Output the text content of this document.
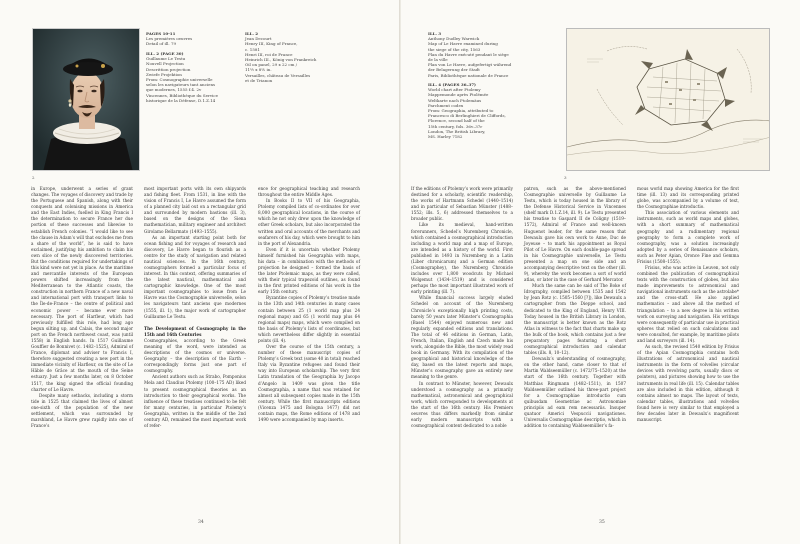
2
PAGES 10-11
Les premières oeuvres
Detail of ill. 79
ILL. 2 (PAGE 30)
Guillaume Le Testu
Nouvell Projection
Descrittion projection
Zwiefe Projektion
From: Cosmographie universelle
selon les navigateurs tant anciens
que modernes, 1555 f.4. 2v
Vincennes, Bibliothèque du Service
historique de la Défense, D.1.Z.14
ILL. 2
Jean Decourt
Henry III, King of France,
c. 1581
Henri III, roi de France
Heinrich III., König von Frankreich
Oil on panel, 29 x 22 cm /
11½ x 8⅝ in.
Versailles, château de Versailles
et de Trianon

in Europe, underwent a series of grant changes. The voyages of discovery and trade by the Portuguese and Spanish, along with their conquests and colonising missions in America and the East Indies, fuelled in King Francis I the determination to secure France her due portion of these successes and likewise to establish French colonies. “I would like to see the clause in Adam’s will that excludes me from a share of the world”, he is said to have exclaimed, justifying his ambition to claim his own slice of the newly discovered territories. But the conditions required for undertakings of this kind were not yet in place. As the maritime and mercantile interests of the European powers shifted increasingly from the Mediterranean to the Atlantic coasts, the construction in northern France of a new naval and international port with transport links to the Île-de-France – the centre of political and economic power – became ever more necessary. The port of Harfleur, which had previously fulfilled this role, had long ago begun silting up, and Calais, the second major port on the French northwest coast, was (until 1558) in English hands. In 1517 Guillaume Gouffier de Bonnivet (c. 1482–1525), Admiral of France, diplomat and adviser to Francis I, therefore suggested creating a new port in the immediate vicinity of Harfleur, on the site of Le Hâble de Grâce at the mouth of the Seine estuary. Just a few months later, on 8 October 1517, the king signed the official founding charter of Le Havre.

Despite many setbacks, including a storm tide in 1525 that claimed the lives of almost one-sixth of the population of the new settlement, which was surrounded by marshland, Le Havre grew rapidly into one of France’s

most important ports with its own shipyards and fishing fleet. From 1531, in line with the vision of Francis I, Le Havre assumed the form of a planned city laid out on a rectangular grid and surrounded by modern bastions (ill. 3), based on the designs of the Siena mathematician, military engineer and architect Girolamo Bellarmato (1493–1555).

As an important starting point both for ocean fishing and for voyages of research and discovery, Le Havre began to flourish as a centre for the study of navigation and related nautical sciences. In the 16th century, cosmographers formed a particular focus of interest. In this context, offering summaries of the latest nautical, mathematical and cartographic knowledge. One of the most important cosmographies to issue from Le Havre was the Cosmographie universelle, selon les navigateurs tant anciens que modernes (1555, ill. 1), the major work of cartographer Guillaume Le Testu.

The Development of Cosmography in the 15th and 16th Centuries

Cosmographies, according to the Greek meaning of the word, were intended as descriptions of the cosmos or universe. Geography – the description of the Earth – correspondingly forms just one part of cosmography.

Ancient authors such as Strabo, Pomponius Mela and Claudius Ptolemy (100–175 AD) liked to present cosmographical theories as an introduction to their geographical works. The influence of these treatises continued to be felt for many centuries, in particular Ptolemy’s Geographia, written in the middle of the 2nd century AD, remained the most important work of refer-

ence for geographical teaching and research throughout the entire Middle Ages.

In Books II to VII of his Geographia, Ptolemy compiled lists of co-ordinates for over 8,000 geographical locations, in the course of which he not only drew upon the knowledge of other Greek scholars, but also incorporated the written and oral accounts of the merchants and seafarers of his day, which were brought to him in the port of Alexandria.

Even if it is uncertain whether Ptolemy himself furnished his Geographia with maps, his data – in combination with the methods of projection he designed – formed the basis of the later Ptolemaic maps, as they were called, with their typical trapezoid outlines, as found in the first printed editions of his work in the early 15th century.

Byzantine copies of Ptolemy’s treatise made in the 13th and 14th centuries in many cases contain between 25 (1 world map plus 24 regional maps) and 65 (1 world map plus 64 regional maps) maps, which were compiled on the basis of Ptolemy’s lists of coordinates, but which nevertheless differ slightly in essential points (ill. 4).

Over the course of the 15th century, a number of these manuscript copies of Ptolemy’s Greek text (some 40 in total) reached Italy via Byzantine refugees and found their way into European scholarship. The very first Latin translation of the Geographia by Jacopo d’Angelo in 1409 was given the title Cosmographia, a name that was retained for almost all subsequent copies made in the 15th century. While the first manuscripts editions (Vicenza 1475 and Bologna 1477) did not contain maps, the Rome editions of 1478 and 1490 were accompanied by map inserts.

34
ILL. 3
Anthony Dudley Warwick
Map of Le Havre examined during
the siege of the city, 1563
Plan du Havre exécuté pendant le siège
de la ville
Plan von Le Havre, aufgefertigt während
der Belagerung der Stadt
Paris, Bibliothèque nationale de France
ILL. 4 (PAGES 36–37)
World chart after Ptolemy
Mappemonde après Ptolémée
Weltkarte nach Ptolemäus
Parchment codex
From: Geographia, attributed to
Francesco di Berlinghieri de Cliffords,
Florence, second half of the
15th century, fols. 36v–37r
London, The British Library,
MS. Harley 7182
3

If the editions of Ptolemy’s work were primarily destined for a scholarly, scientific readership, the works of Hartmann Schedel (1440–1514) and in particular of Sebastian Münster (1488–1552; ills. 5, 6) addressed themselves to a broader public.

Like its medieval, hand-written forerunners, Schedel’s Nuremberg Chronicle, which contained a cosmographical introduction including a world map and a map of Europe, are intended as a history of the world. First published in 1493 in Nuremberg in a Latin (Liber chronicarum) and a German edition (Cosmographey), the Nuremberg Chronicle includes over 1,800 woodcuts by Michael Wolgemut (1434–1519) and is considered perhaps the most important illustrated work of early printing (ill. 7).

While financial success largely eluded Schedel on account of the Nuremberg Chronicle’s exceptionally high printing costs, barely 50 years later Münster’s Cosmographia (Basel 1544) enjoyed numerous new and regularly expanded editions and translations. The total of 46 editions in German, Latin, French, Italian, English and Czech made his work, alongside the Bible, the most widely read book in Germany. With its compilation of the geographical and historical knowledge of the day, based on the latest reports and maps, Münster’s cosmography gave an entirely new meaning to the genre.

In contrast to Münster, however, Dewaulx understood a cosmography as a primarily mathematical, astronomical and geographical work, which corresponded to developments at the start of the 16th century. His Premiers oeuvres thus differs markedly from similar early modern manuscripts with a cosmographical content dedicated to a noble

patron, such as the above-mentioned Cosmographie universelle by Guillaume Le Testu, which is today housed in the library of the Defense Historical Service in Vincennes (shelf mark D.1.Z.14, ill. 9). Le Testu presented his treatise to Gaspard II de Coligny (1519–1572), Admiral of France and well-known Huguenot leader, for the same reason that Dewaulx gave his own work to Anne, Duc de Joyeuse – to mark his appointment as Royal Pilot of Le Havre. On each double-page spread in his Cosmographie universelle, Le Testu presented a map on one side and an accompanying descriptive text on the other (ill. 9), whereby the work becomes a sort of world atlas, or later in the case of Gerhard Mercator.

Much the same can be said of The Boke of Idrography, compiled between 1535 and 1542 by Jean Rotz (c. 1505–1560 [?]), like Dewaulx a cartographer from the Dieppe school, and dedicated to the King of England, Henry VIII. Today housed in the British Library in London, the manuscript is better known as the Rotz Atlas in witness to the fact that charts make up the bulk of the book, which contains just a few preparatory pages featuring a short cosmographical introduction and calendar tables (ills. 8, 10–12).

Dewaulx’s understanding of cosmography, on the other hand, came closer to that of Martin Waldseemüller (c. 1472/75–1520) at the start of the 16th century. Together with Matthias Ringmann (1482–1511), in 1507 Waldseemüller outlined his three-part project for a Cosmographiae introductio cum quibusdam Geometriae ac Astronomiae principiis ad eam rem necessariis. Insuper quatuor Americi Vespuccii navigationes. Universalis Cosmographiae descriptio, which in addition to containing Waldseemüller’s fa-

mous world map showing America for the first time (ill. 13) and its corresponding printed globe, was accompanied by a volume of text, the Cosmographiae introductio.

This association of various elements and instruments, such as world maps and globes, with a short summary of mathematical geography and a rudimentary regional geography to form a complete work of cosmography, was a solution increasingly adopted by a series of Renaissance scholars, such as Peter Apian, Oronce Fine and Gemma Frisius (1508–1555).

Frisius, who was active in Leuven, not only combined the publication of cosmographical texts with the construction of globes, but also made improvements to astronomical and navigational instruments such as the astrolabe* and the cross-staff. He also applied mathematics – and above all the method of triangulation – to a new degree in his written work on surveying and navigation. His writings were consequently of particular use in practical spheres that relied on such calculations and were consulted, for example, by maritime pilots and land surveyors (ill. 14).

As such, the revised 1540 edition by Frisius of the Apian Cosmographia contains both illustrations of astronomical and nautical instruments in the form of volvelles (circular devices with revolving parts, usually discs or pointers), and pictures showing how to use the instruments in real life (ill. 15). Calendar tables are also included in this edition, although it contains almost no maps. The layout of texts, calendar tables, illustrations and volvelles found here is very similar to that employed a few decades later in Dewaulx’s magnificent manuscript.

35
